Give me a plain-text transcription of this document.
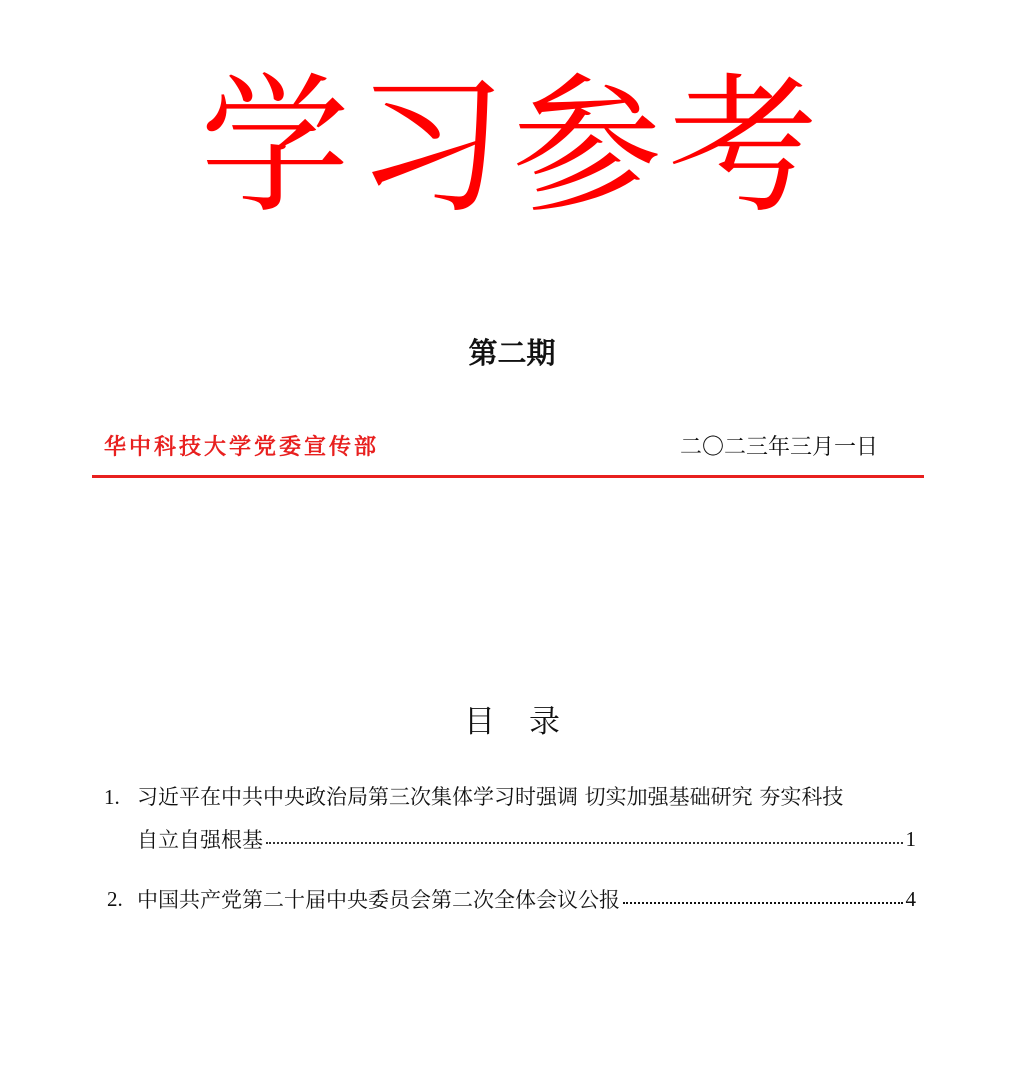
学习参考
第二期
华中科技大学党委宣传部	二〇二三年三月一日
目录
1. 习近平在中共中央政治局第三次集体学习时强调 切实加强基础研究 夯实科技
自立自强根基	1
2. 中国共产党第二十届中央委员会第二次全体会议公报	4
